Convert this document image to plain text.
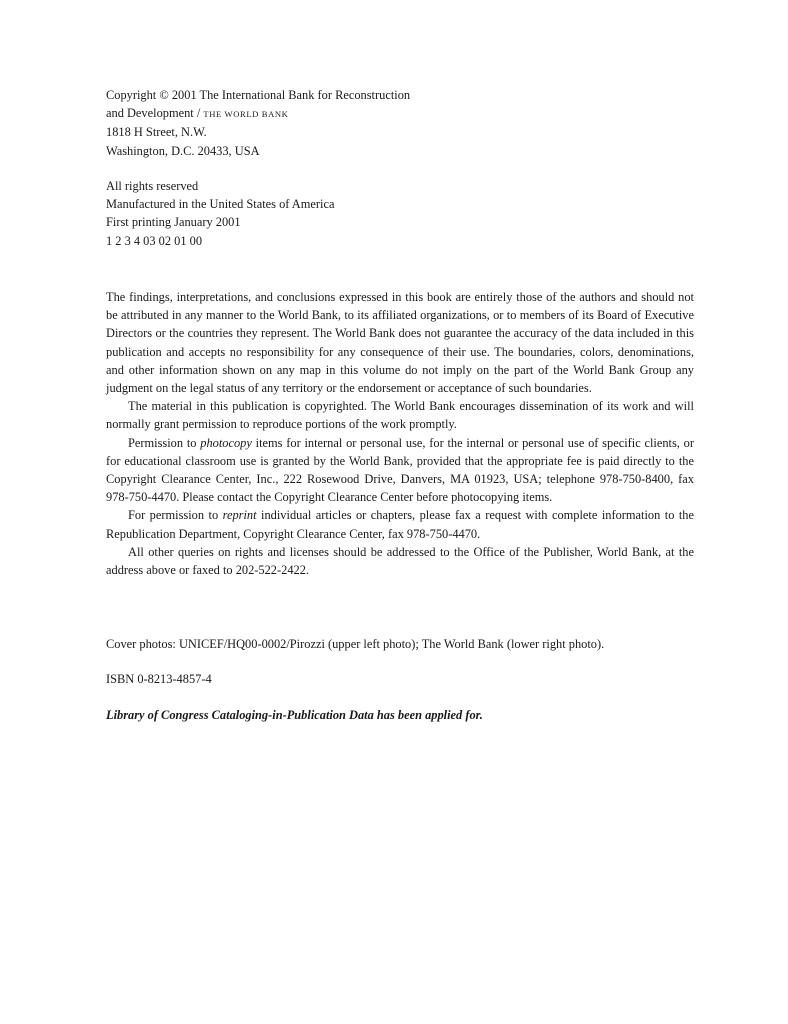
Copyright © 2001 The International Bank for Reconstruction
and Development / THE WORLD BANK
1818 H Street, N.W.
Washington, D.C. 20433, USA
All rights reserved
Manufactured in the United States of America
First printing January 2001
1 2 3 4 03 02 01 00

The findings, interpretations, and conclusions expressed in this book are entirely those of the authors and should not be attributed in any manner to the World Bank, to its affiliated organizations, or to members of its Board of Executive Directors or the countries they represent. The World Bank does not guarantee the accuracy of the data included in this publication and accepts no responsibility for any consequence of their use. The boundaries, colors, denominations, and other information shown on any map in this volume do not imply on the part of the World Bank Group any judgment on the legal status of any territory or the endorsement or acceptance of such boundaries.

The material in this publication is copyrighted. The World Bank encourages dissemination of its work and will normally grant permission to reproduce portions of the work promptly.

Permission to photocopy items for internal or personal use, for the internal or personal use of specific clients, or for educational classroom use is granted by the World Bank, provided that the appropriate fee is paid directly to the Copyright Clearance Center, Inc., 222 Rosewood Drive, Danvers, MA 01923, USA; telephone 978-750-8400, fax 978-750-4470. Please contact the Copyright Clearance Center before photocopying items.

For permission to reprint individual articles or chapters, please fax a request with complete information to the Republication Department, Copyright Clearance Center, fax 978-750-4470.

All other queries on rights and licenses should be addressed to the Office of the Publisher, World Bank, at the address above or faxed to 202-522-2422.

Cover photos: UNICEF/HQ00-0002/Pirozzi (upper left photo); The World Bank (lower right photo).
ISBN 0-8213-4857-4
Library of Congress Cataloging-in-Publication Data has been applied for.
